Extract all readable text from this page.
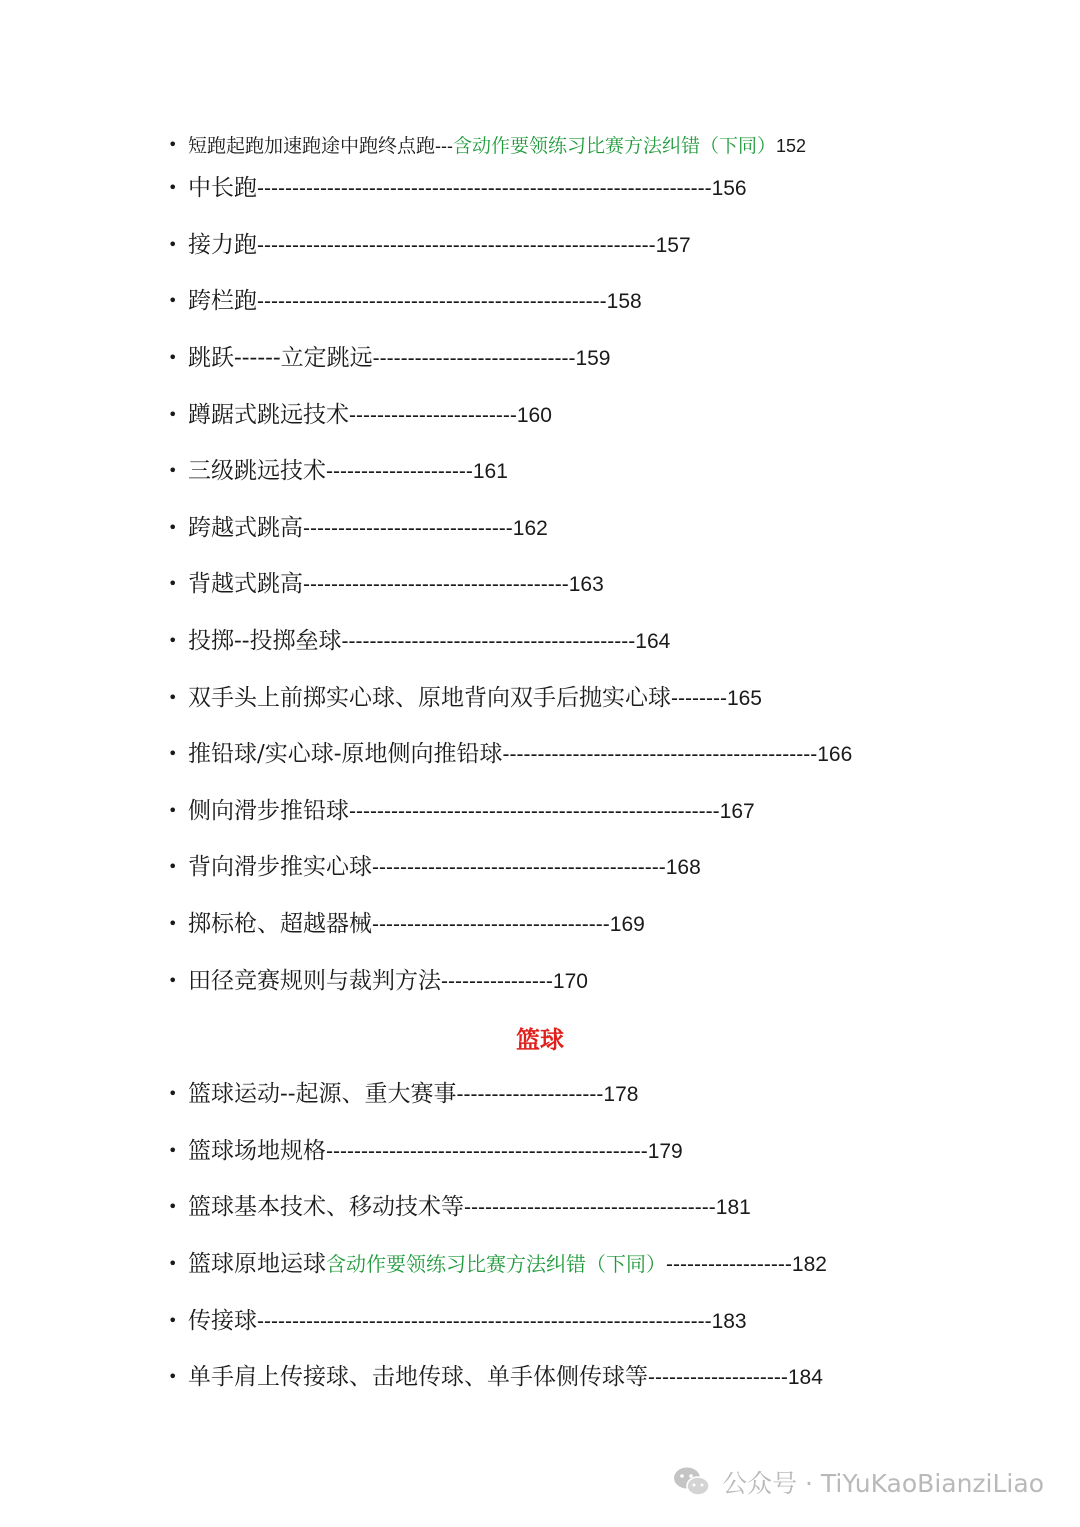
• 短跑起跑加速跑途中跑终点跑---含动作要领练习比赛方法纠错（下同）152
• 中长跑-----------------------------------------------------------------156
• 接力跑---------------------------------------------------------157
• 跨栏跑--------------------------------------------------158
• 跳跃------立定跳远-----------------------------159
• 蹲踞式跳远技术------------------------160
• 三级跳远技术---------------------161
• 跨越式跳高------------------------------162
• 背越式跳高--------------------------------------163
• 投掷--投掷垒球------------------------------------------164
• 双手头上前掷实心球、原地背向双手后抛实心球--------165
• 推铅球/实心球-原地侧向推铅球---------------------------------------------166
• 侧向滑步推铅球-----------------------------------------------------167
• 背向滑步推实心球------------------------------------------168
• 掷标枪、超越器械----------------------------------169
• 田径竞赛规则与裁判方法----------------170
篮球
• 篮球运动--起源、重大赛事---------------------178
• 篮球场地规格----------------------------------------------179
• 篮球基本技术、移动技术等------------------------------------181
• 篮球原地运球含动作要领练习比赛方法纠错（下同）------------------182
• 传接球-----------------------------------------------------------------183
• 单手肩上传接球、击地传球、单手体侧传球等--------------------184
公众号 · TiYuKaoBianziLiao
